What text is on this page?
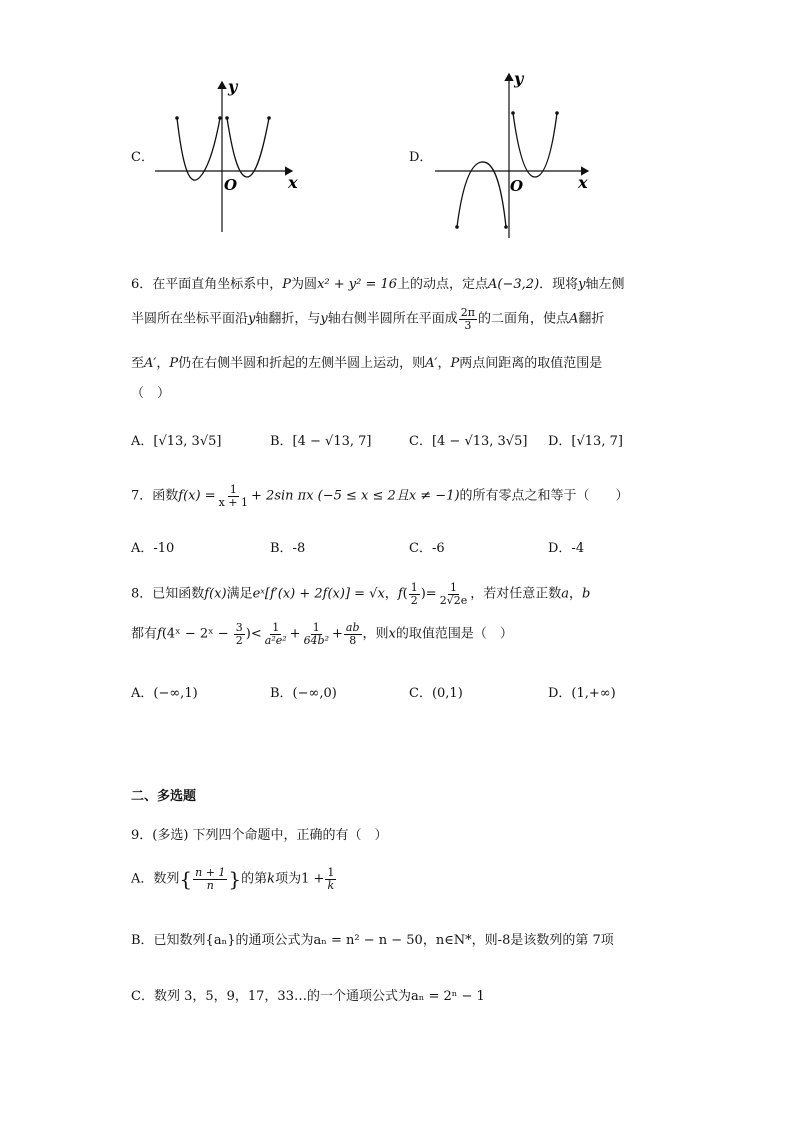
C．
y
x
O
D．
y
x
O
6．在平面直角坐标系中，P为圆x² + y² = 16上的动点，定点A(−3,2)．现将y轴左侧
半圆所在坐标平面沿y轴翻折，与y轴右侧半圆所在平面成 $\frac{2\pi}{3}$ 的二面角，使点A翻折
至A′，P仍在右侧半圆和折起的左侧半圆上运动，则A′，P两点间距离的取值范围是
（　）
A．[√13, 3√5]	B．[4 − √13, 7]	C．[4 − √13, 3√5]	D．[√13, 7]
7．函数$f(x) = \frac{1}{x + 1} + 2\sin$ πx (−5 ≤ x ≤ 2且x ≠ −1)的所有零点之和等于（　　）
A．-10	B．-8	C．-6	D．-4
8．已知函数f(x)满足eˣ[f′(x) + 2f(x)] = √x，$f( \frac{1}{2}$ )= $\frac{1}{2√2e}$ ，若对任意正数a，b
都有f(4ˣ − 2ˣ − $\frac{3}{2}$ )< $\frac{1}{\text{a²e²}} + \frac{1}{\text{64b²}} + \frac{ab}{8}$ ，则x的取值范围是（　）
A．(−∞,1)	B．(−∞,0)	C．(0,1)	D．(1,+∞)
二、多选题
9．(多选) 下列四个命题中，正确的有（　）
A．数列{ $\frac{n + 1}{n}$ }的第k项为$1 + \frac{1}{k}$
B．已知数列{aₙ}的通项公式为aₙ = n² − n − 50，n∈N*，则-8是该数列的第 7项
C．数列 3，5，9，17，33…的一个通项公式为aₙ = 2ⁿ − 1
